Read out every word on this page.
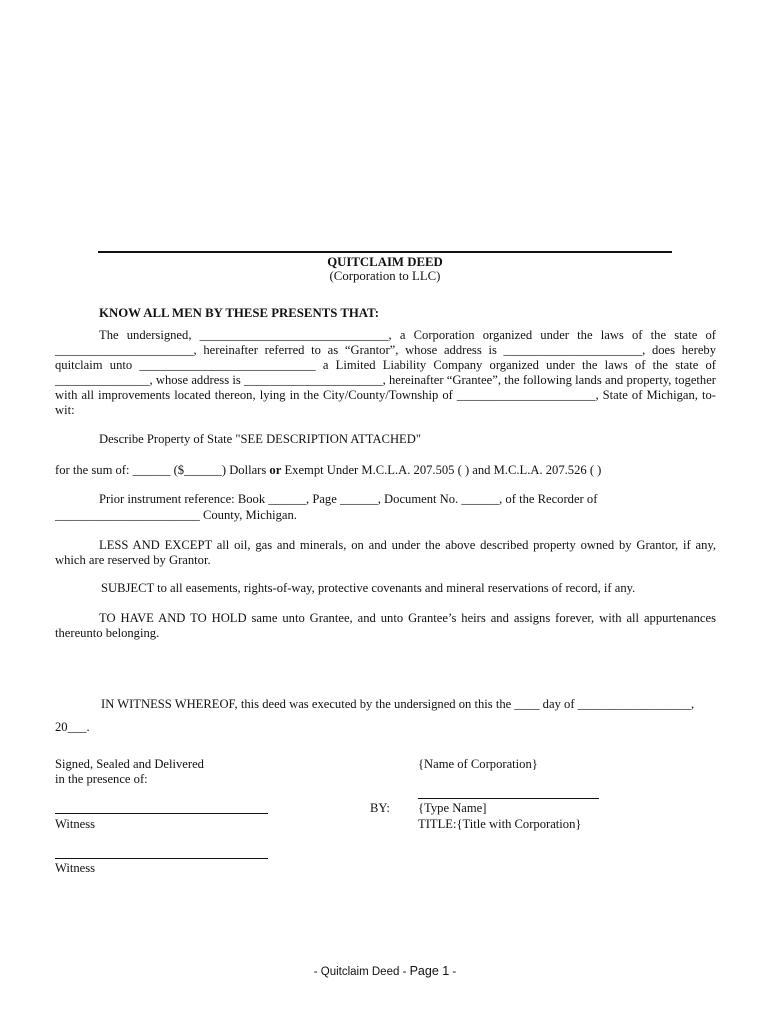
QUITCLAIM DEED
(Corporation to LLC)
KNOW ALL MEN BY THESE PRESENTS THAT:
The undersigned, ______________________________, a Corporation organized under the laws of the state of ______________________, hereinafter referred to as “Grantor”, whose address is ______________________, does hereby quitclaim unto ____________________________ a Limited Liability Company organized under the laws of the state of _______________, whose address is ______________________, hereinafter “Grantee”, the following lands and property, together with all improvements located thereon, lying in the City/County/Township of ______________________, State of Michigan, to-wit:
Describe Property of State "SEE DESCRIPTION ATTACHED"
for the sum of: ______ ($______) Dollars or Exempt Under M.C.L.A. 207.505 ( ) and M.C.L.A. 207.526 ( )
Prior instrument reference: Book ______, Page ______, Document No. ______, of the Recorder of
_______________________ County, Michigan.
LESS AND EXCEPT all oil, gas and minerals, on and under the above described property owned by Grantor, if any, which are reserved by Grantor.
SUBJECT to all easements, rights-of-way, protective covenants and mineral reservations of record, if any.
TO HAVE AND TO HOLD same unto Grantee, and unto Grantee’s heirs and assigns forever, with all appurtenances thereunto belonging.
IN WITNESS WHEREOF, this deed was executed by the undersigned on this the ____ day of __________________,
20___.
Signed, Sealed and Delivered
in the presence of:
{Name of Corporation}
BY: {Type Name]
Witness	TITLE:{Title with Corporation}
Witness
- Quitclaim Deed - Page 1 -
